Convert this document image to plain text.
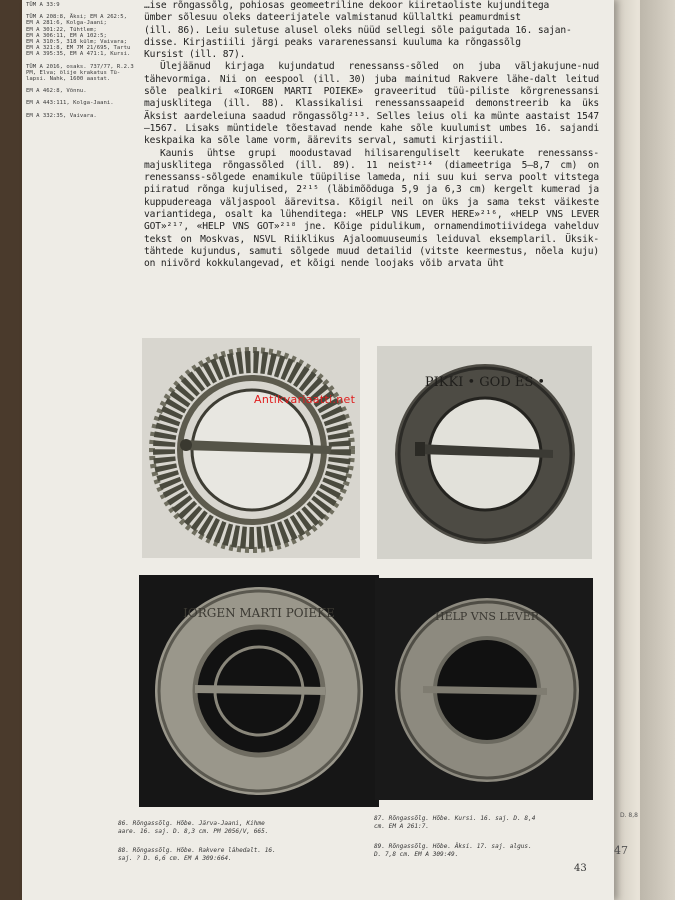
D. 8,8
47
TÜM A 33:9
TÜM A 208:8, Äksi; EM A 262:5,
EM A 281:6, Kolga-Jaani;
EM A 301:22, Tühtlem;
EM A 306:11, EM A 102:5;
EM A 310:5, 318 külm; Vaivara;
EM A 321:8, EM 7M 21/695, Tartu
EM A 395:35, EM A 471:1, Kursi.
TÜM A 2016, osaks. 737/77, R.2.3
PM, Elva; ölije krakatus Tü-
lapsi. Nahk, 1600 aastat.
EM A 462:8, Võnnu.
EM A 443:111, Kolga-Jaani.
EM A 332:35, Vaivara.

…ise rõngassõlg, pohiosas geomeetriline dekoor kiiretaoliste kujunditega

ümber sõlesuu oleks dateerijatele valmistanud küllaltki peamurdmist

(ill. 86). Leiu suletuse alusel oleks nüüd sellegi sõle paigutada 16. sajan-

disse. Kirjastiili järgi peaks vararenessansi kuuluma ka rõngassõlg

Kursist (ill. 87).

Ülejäänud kirjaga kujundatud renessanss-sõled on juba väljakujune-nud tähevormiga. Nii on eespool (ill. 30) juba mainitud Rakvere lähe-dalt leitud sõle pealkiri «IORGEN MARTI POIEKE» graveeritud tüü-piliste kõrgrenessansi majusklitega (ill. 88). Klassikalisi renessanssaapeid demonstreerib ka üks Äksist aardeleiuna saadud rõngassõlg²¹³. Selles leius oli ka münte aastaist 1547—1567. Lisaks müntidele tõestavad nende kahe sõle kuulumist umbes 16. sajandi keskpaika ka sõle lame vorm, äärevits serval, samuti kirjastiil.

Kaunis ühtse grupi moodustavad hilisarenguliselt keerukate renessanss-majusklitega rõngassõled (ill. 89). 11 neist²¹⁴ (diameetriga 5—8,7 cm) on renessanss-sõlgede enamikule tüüpilise lameda, nii suu kui serva poolt vitstega piiratud rõnga kujulised, 2²¹⁵ (läbimõõduga 5,9 ja 6,3 cm) kergelt kumerad ja kuppudereaga väljaspool äärevitsa. Kõigil neil on üks ja sama tekst väikeste variantidega, osalt ka lühenditega: «HELP VNS LEVER HERE»²¹⁶, «HELP VNS LEVER GOT»²¹⁷, «HELP VNS GOT»²¹⁸ jne. Kõige pidulikum, ornamendimotiividega vahelduv tekst on Moskvas, NSVL Riiklikus Ajaloomuuseumis leiduval eksemplaril. Üksik-tähtede kujundus, samuti sõlgede muud detailid (vitste keermestus, nõela kuju) on niivõrd kokkulangevad, et kõigi nende loojaks võib arvata üht

PIKKI • GOD ES •
IORGEN MARTI POIEKE	HELP VNS LEVER
Antikvariaatti.net
86. Rõngassõlg. Hõbe. Järva-Jaani, Kihme
aare. 16. saj. D. 8,3 cm. PM 2056/V, 665.
87. Rõngassõlg. Hõbe. Kursi. 16. saj. D. 8,4
cm. EM A 261:7.
88. Rõngassõlg. Hõbe. Rakvere lähedalt. 16.
saj. ? D. 6,6 cm. EM A 309:664.
89. Rõngassõlg. Hõbe. Äksi. 17. saj. algus.
D. 7,8 cm. EM A 309:49.
43
